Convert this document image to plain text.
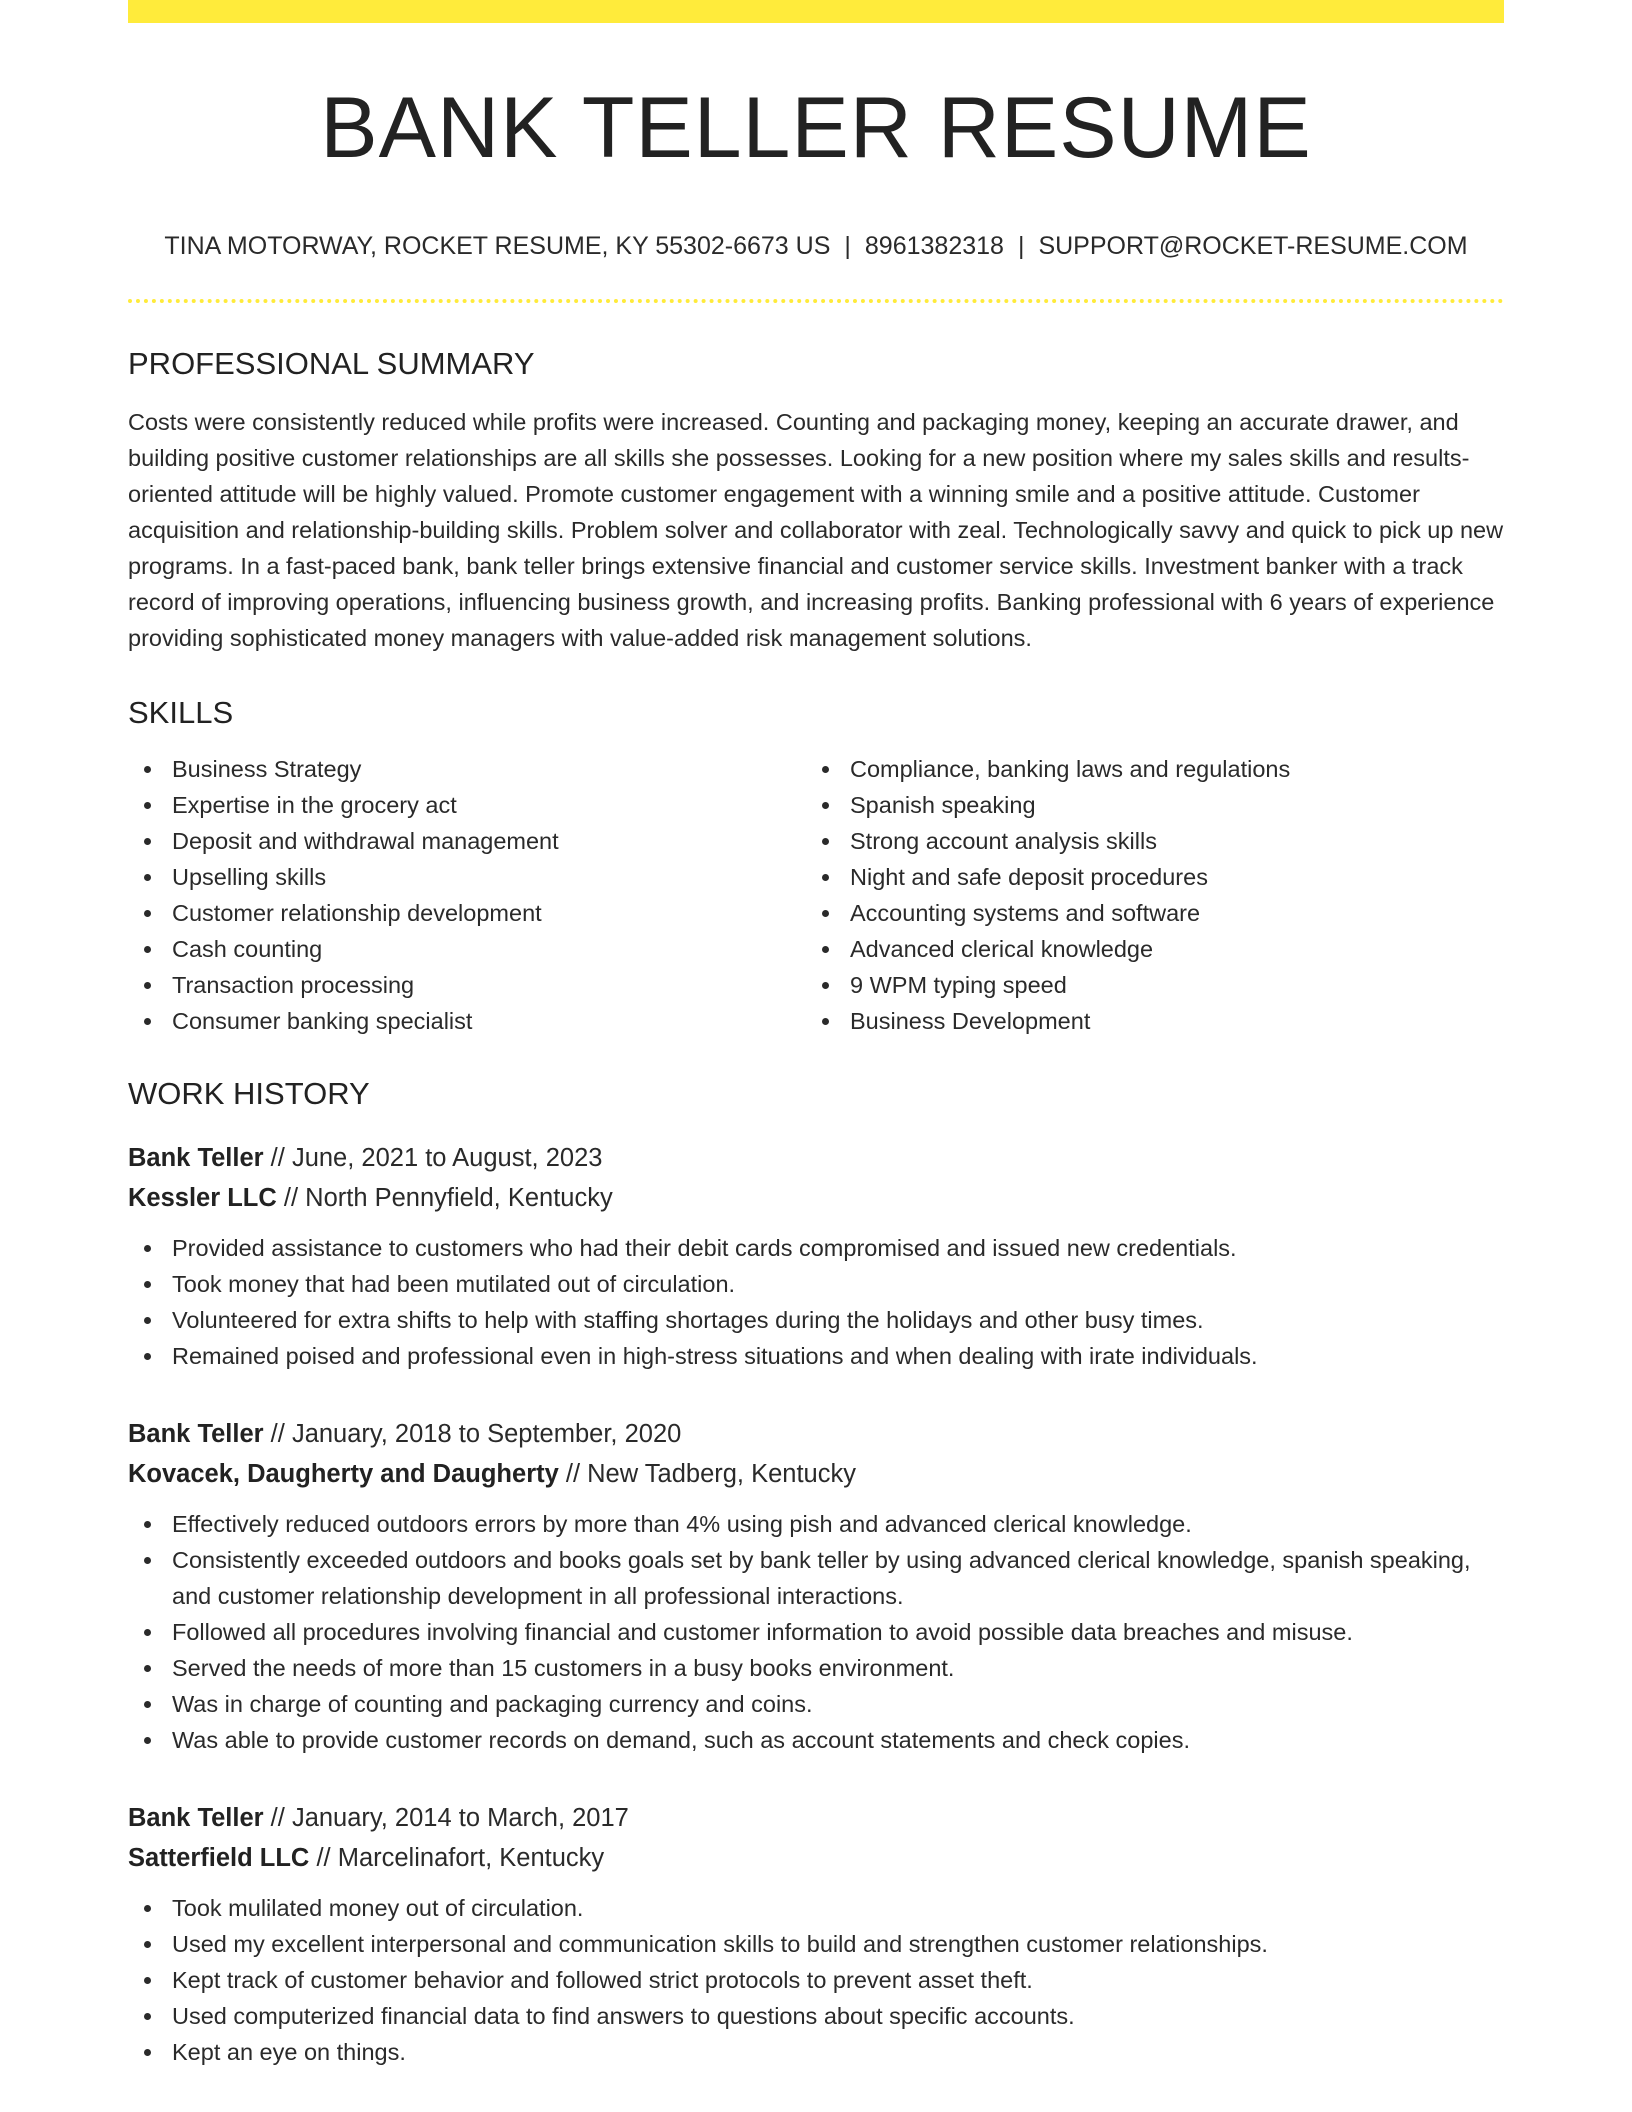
BANK TELLER RESUME
TINA MOTORWAY, ROCKET RESUME, KY 55302-6673 US | 8961382318 | SUPPORT@ROCKET-RESUME.COM
PROFESSIONAL SUMMARY

Costs were consistently reduced while profits were increased. Counting and packaging money, keeping an accurate drawer, and building positive customer relationships are all skills she possesses. Looking for a new position where my sales skills and results-oriented attitude will be highly valued. Promote customer engagement with a winning smile and a positive attitude. Customer acquisition and relationship-building skills. Problem solver and collaborator with zeal. Technologically savvy and quick to pick up new programs. In a fast-paced bank, bank teller brings extensive financial and customer service skills. Investment banker with a track record of improving operations, influencing business growth, and increasing profits. Banking professional with 6 years of experience providing sophisticated money managers with value-added risk management solutions.

SKILLS
Business Strategy
Expertise in the grocery act
Deposit and withdrawal management
Upselling skills
Customer relationship development
Cash counting
Transaction processing
Consumer banking specialist
Compliance, banking laws and regulations
Spanish speaking
Strong account analysis skills
Night and safe deposit procedures
Accounting systems and software
Advanced clerical knowledge
9 WPM typing speed
Business Development
WORK HISTORY
Bank Teller // June, 2021 to August, 2023
Kessler LLC // North Pennyfield, Kentucky
Provided assistance to customers who had their debit cards compromised and issued new credentials.
Took money that had been mutilated out of circulation.
Volunteered for extra shifts to help with staffing shortages during the holidays and other busy times.
Remained poised and professional even in high-stress situations and when dealing with irate individuals.
Bank Teller // January, 2018 to September, 2020
Kovacek, Daugherty and Daugherty // New Tadberg, Kentucky
Effectively reduced outdoors errors by more than 4% using pish and advanced clerical knowledge.
Consistently exceeded outdoors and books goals set by bank teller by using advanced clerical knowledge, spanish speaking, and customer relationship development in all professional interactions.
Followed all procedures involving financial and customer information to avoid possible data breaches and misuse.
Served the needs of more than 15 customers in a busy books environment.
Was in charge of counting and packaging currency and coins.
Was able to provide customer records on demand, such as account statements and check copies.
Bank Teller // January, 2014 to March, 2017
Satterfield LLC // Marcelinafort, Kentucky
Took mulilated money out of circulation.
Used my excellent interpersonal and communication skills to build and strengthen customer relationships.
Kept track of customer behavior and followed strict protocols to prevent asset theft.
Used computerized financial data to find answers to questions about specific accounts.
Kept an eye on things.
